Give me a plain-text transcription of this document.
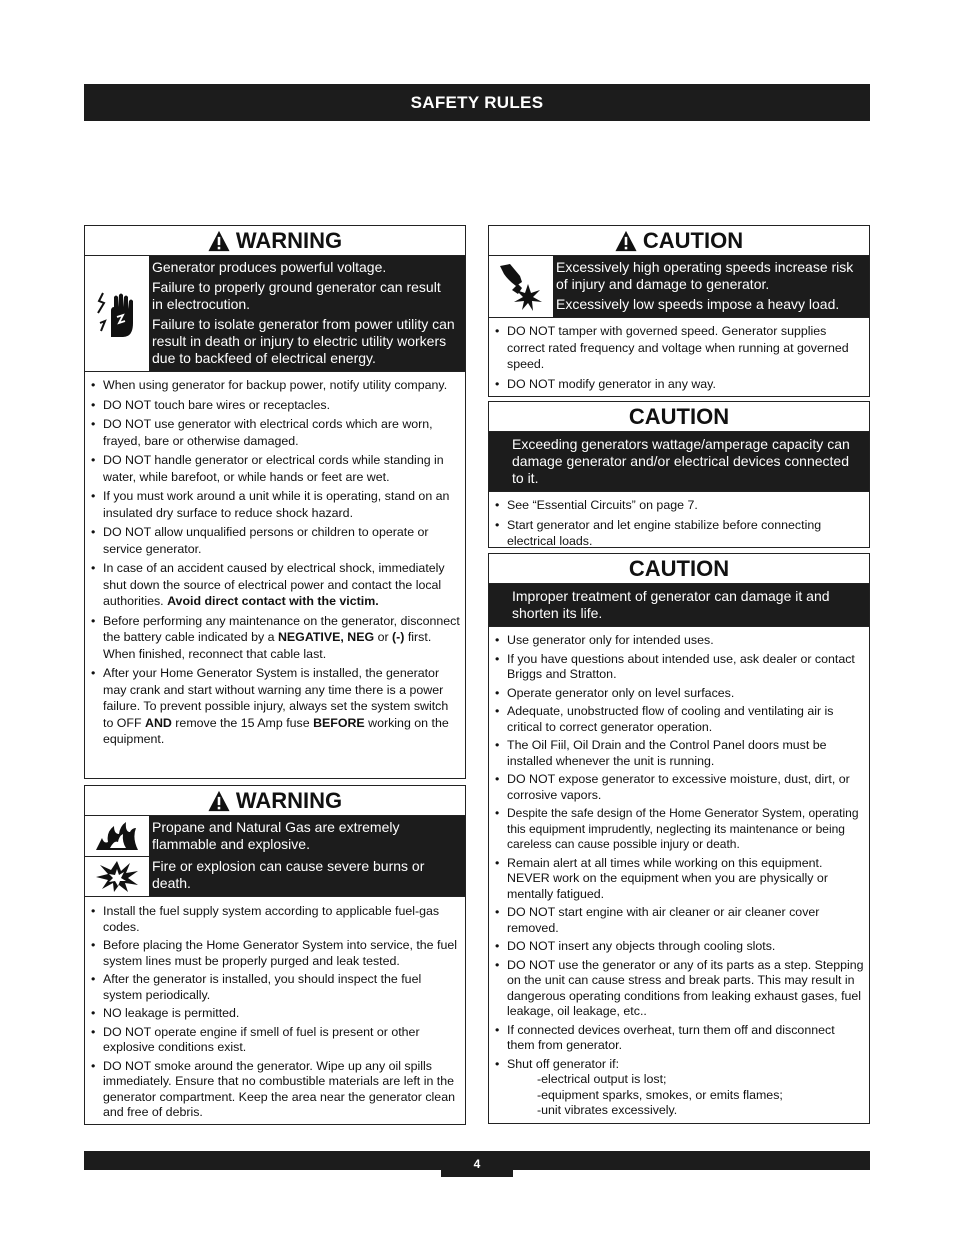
SAFETY RULES
WARNING

Generator produces powerful voltage.

Failure to properly ground generator can result in electrocution.

Failure to isolate generator from power utility can result in death or injury to electric utility workers due to backfeed of electrical energy.

• When using generator for backup power, notify utility company.
• DO NOT touch bare wires or receptacles.
• DO NOT use generator with electrical cords which are worn, frayed, bare or otherwise damaged.
• DO NOT handle generator or electrical cords while standing in water, while barefoot, or while hands or feet are wet.
• If you must work around a unit while it is operating, stand on an insulated dry surface to reduce shock hazard.
• DO NOT allow unqualified persons or children to operate or service generator.
• In case of an accident caused by electrical shock, immediately shut down the source of electrical power and contact the local authorities. Avoid direct contact with the victim.
• Before performing any maintenance on the generator, disconnect the battery cable indicated by a NEGATIVE, NEG or (-) first. When finished, reconnect that cable last.
• After your Home Generator System is installed, the generator may crank and start without warning any time there is a power failure. To prevent possible injury, always set the system switch to OFF AND remove the 15 Amp fuse BEFORE working on the equipment.
WARNING

Propane and Natural Gas are extremely flammable and explosive.

Fire or explosion can cause severe burns or death.

• Install the fuel supply system according to applicable fuel-gas codes.
• Before placing the Home Generator System into service, the fuel system lines must be properly purged and leak tested.
• After the generator is installed, you should inspect the fuel system periodically.
• NO leakage is permitted.
• DO NOT operate engine if smell of fuel is present or other explosive conditions exist.
• DO NOT smoke around the generator. Wipe up any oil spills immediately. Ensure that no combustible materials are left in the generator compartment. Keep the area near the generator clean and free of debris.
CAUTION

Excessively high operating speeds increase risk of injury and damage to generator.

Excessively low speeds impose a heavy load.

• DO NOT tamper with governed speed. Generator supplies correct rated frequency and voltage when running at governed speed.
• DO NOT modify generator in any way.
CAUTION

Exceeding generators wattage/amperage capacity can damage generator and/or electrical devices connected to it.

• See “Essential Circuits” on page 7.
• Start generator and let engine stabilize before connecting electrical loads.
CAUTION

Improper treatment of generator can damage it and shorten its life.

• Use generator only for intended uses.
• If you have questions about intended use, ask dealer or contact Briggs and Stratton.
• Operate generator only on level surfaces.
• Adequate, unobstructed flow of cooling and ventilating air is critical to correct generator operation.
• The Oil Fiil, Oil Drain and the Control Panel doors must be installed whenever the unit is running.
• DO NOT expose generator to excessive moisture, dust, dirt, or corrosive vapors.
• Despite the safe design of the Home Generator System, operating this equipment imprudently, neglecting its maintenance or being careless can cause possible injury or death.
• Remain alert at all times while working on this equipment. NEVER work on the equipment when you are physically or mentally fatigued.
• DO NOT start engine with air cleaner or air cleaner cover removed.
• DO NOT insert any objects through cooling slots.
• DO NOT use the generator or any of its parts as a step. Stepping on the unit can cause stress and break parts. This may result in dangerous operating conditions from leaking exhaust gases, fuel leakage, oil leakage, etc..
• If connected devices overheat, turn them off and disconnect them from generator.
• Shut off generator if:
-electrical output is lost;
-equipment sparks, smokes, or emits flames;
-unit vibrates excessively.
4
